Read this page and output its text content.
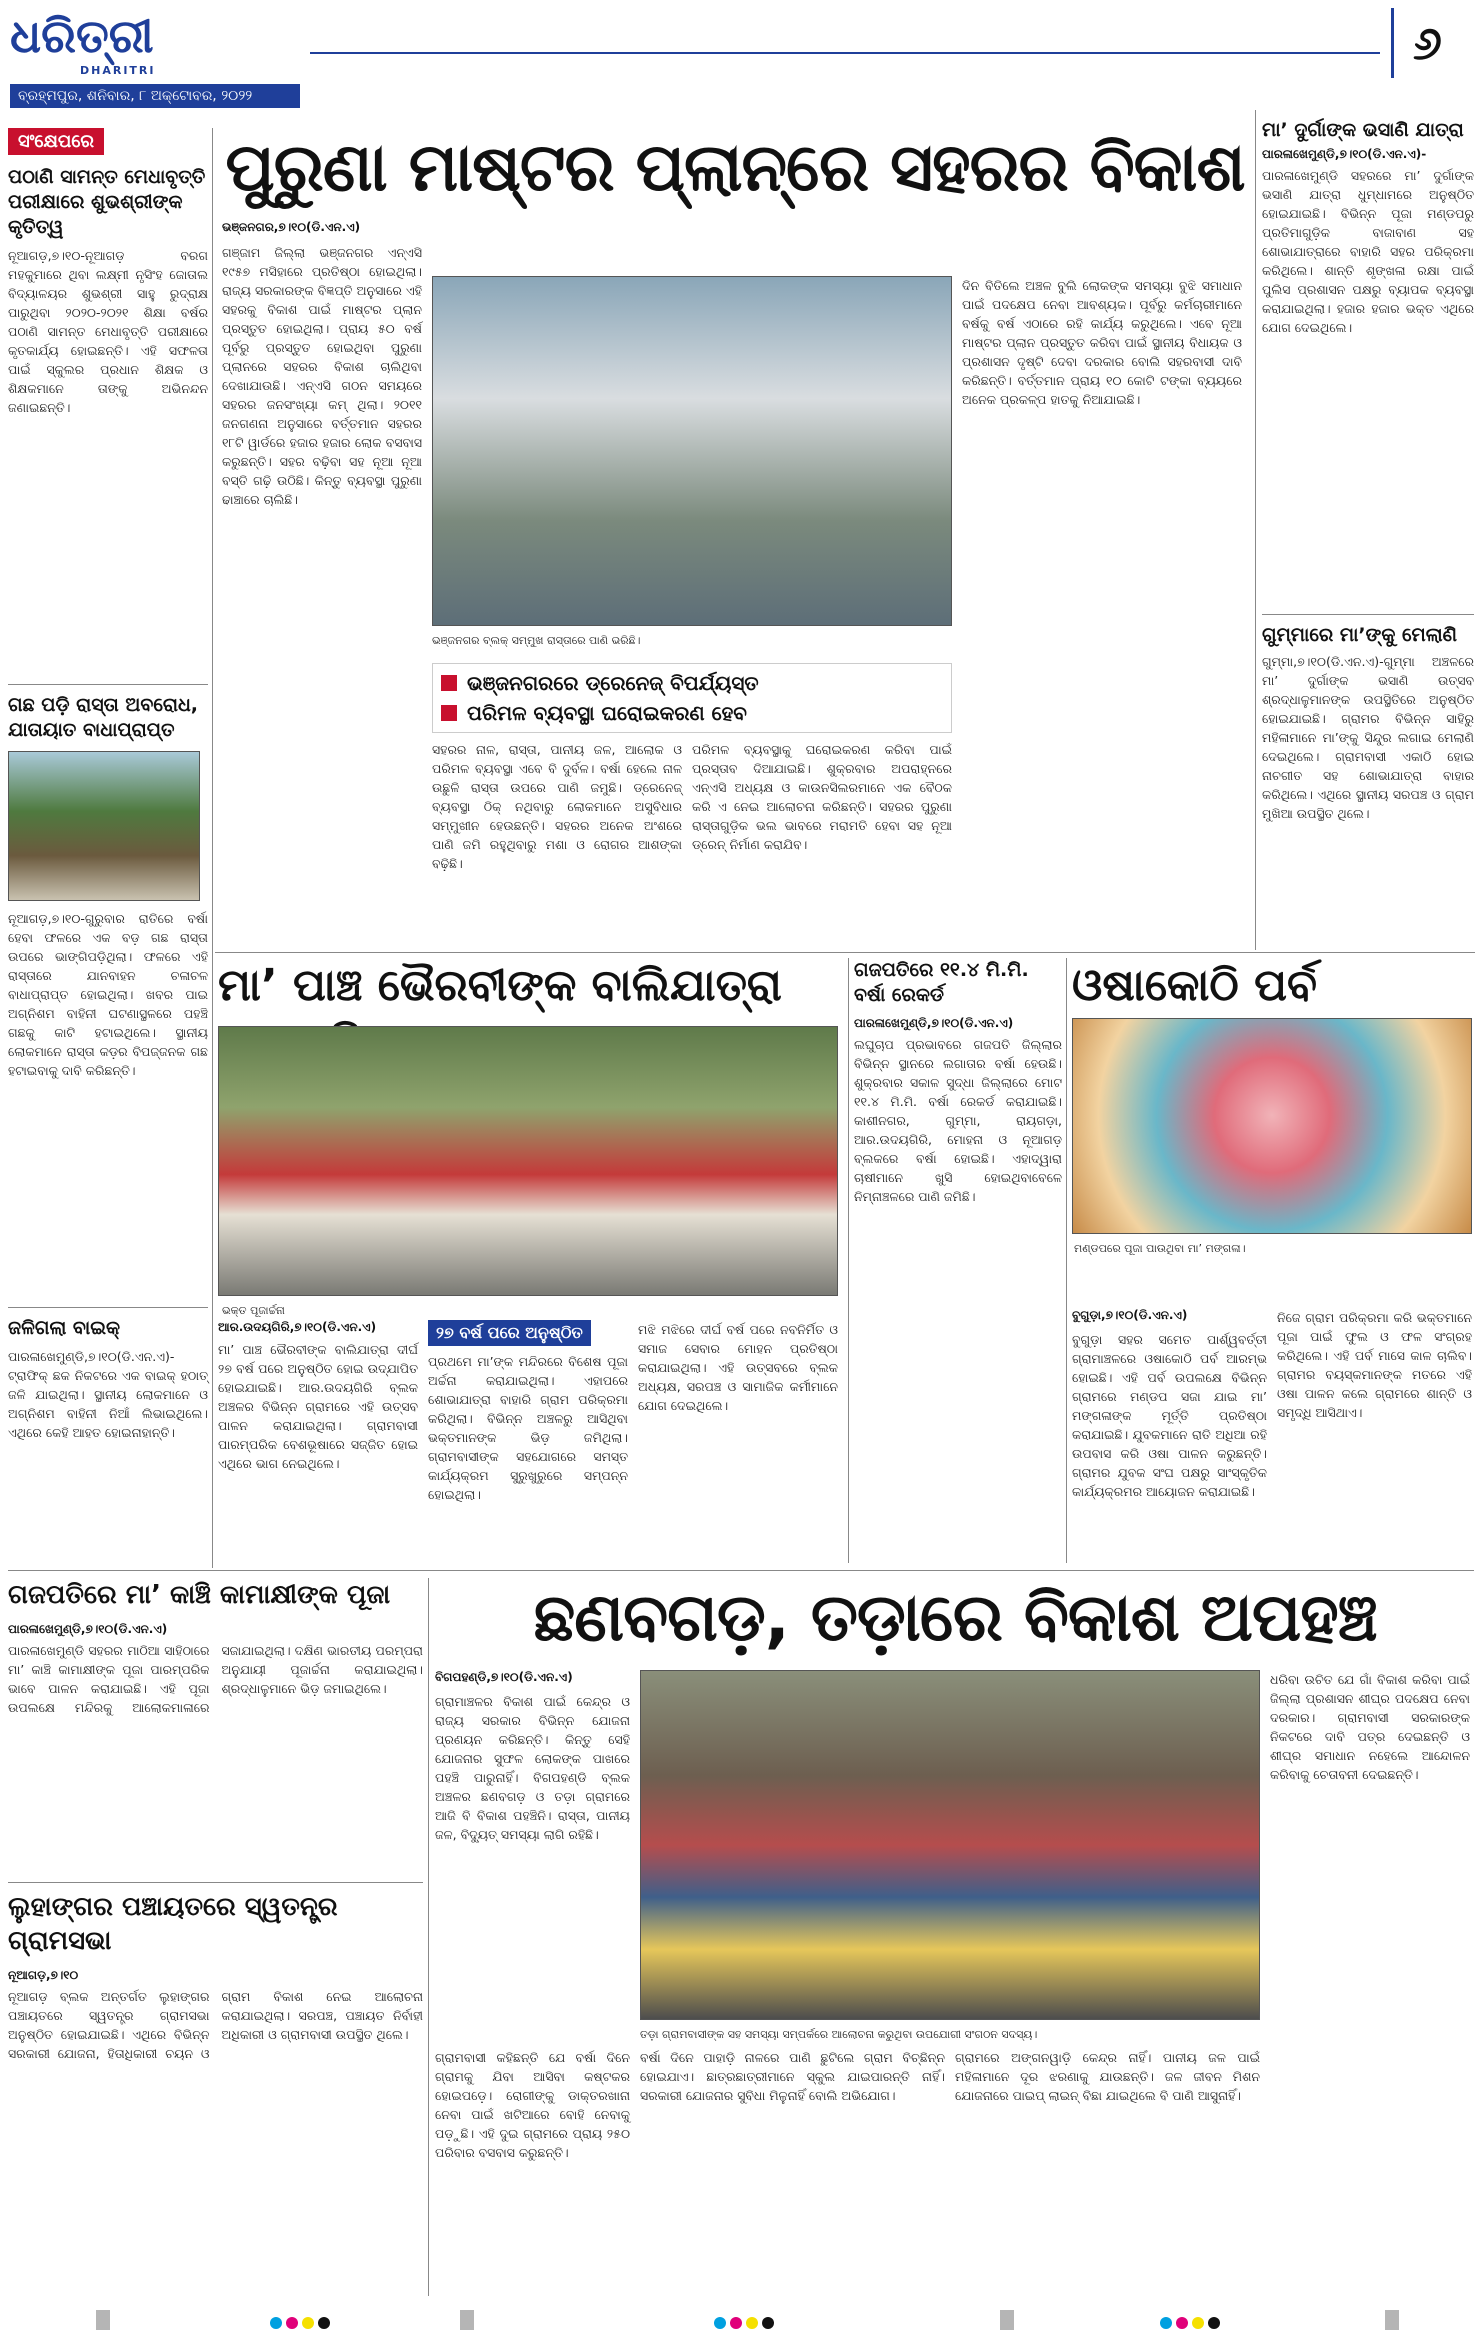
ଧରିତ୍ରୀ
DHARITRI
ବ୍ରହ୍ମପୁର, ଶନିବାର, ୮ ଅକ୍ଟୋବର, ୨୦୨୨
୬
ସଂକ୍ଷେପରେ
ପଠାଣି ସାମନ୍ତ ମେଧାବୃତ୍ତି ପରୀକ୍ଷାରେ ଶୁଭଶ୍ରୀଙ୍କ କୃତିତ୍ୱ
ନୂଆଗଡ଼,୭।୧୦-ନୂଆଗଡ଼ ବରଗ ମହକୁମାରେ ଥିବା ଲକ୍ଷ୍ମୀ ନୃସିଂହ ଜୋତାଲ ବିଦ୍ୟାଳୟର ଶୁଭଶ୍ରୀ ସାହୁ ରୁଦ୍ରାକ୍ଷ ପାରୁଥିବା ୨୦୨୦-୨୦୨୧ ଶିକ୍ଷା ବର୍ଷର ପଠାଣି ସାମନ୍ତ ମେଧାବୃତ୍ତି ପରୀକ୍ଷାରେ କୃତକାର୍ଯ୍ୟ ହୋଇଛନ୍ତି। ଏହି ସଫଳତା ପାଇଁ ସ୍କୁଲର ପ୍ରଧାନ ଶିକ୍ଷକ ଓ ଶିକ୍ଷକମାନେ ତାଙ୍କୁ ଅଭିନନ୍ଦନ ଜଣାଇଛନ୍ତି।
ଗଛ ପଡ଼ି ରାସ୍ତା ଅବରୋଧ, ଯାତାୟାତ ବାଧାପ୍ରାପ୍ତ
ନୂଆଗଡ଼,୭।୧୦-ଗୁରୁବାର ରାତିରେ ବର୍ଷା ହେବା ଫଳରେ ଏକ ବଡ଼ ଗଛ ରାସ୍ତା ଉପରେ ଭାଙ୍ଗିପଡ଼ିଥିଲା। ଫଳରେ ଏହି ରାସ୍ତାରେ ଯାନବାହନ ଚଳାଚଳ ବାଧାପ୍ରାପ୍ତ ହୋଇଥିଲା। ଖବର ପାଇ ଅଗ୍ନିଶମ ବାହିନୀ ଘଟଣାସ୍ଥଳରେ ପହଞ୍ଚି ଗଛକୁ କାଟି ହଟାଇଥିଲେ। ସ୍ଥାନୀୟ ଲୋକମାନେ ରାସ୍ତା କଡ଼ର ବିପଜ୍ଜନକ ଗଛ ହଟାଇବାକୁ ଦାବି କରିଛନ୍ତି।
ଜଳିଗଲା ବାଇକ୍
ପାରଳାଖେମୁଣ୍ଡି,୭।୧୦(ଡି.ଏନ.ଏ)-ଟ୍ରାଫିକ୍ ଛକ ନିକଟରେ ଏକ ବାଇକ୍ ହଠାତ୍ ଜଳି ଯାଇଥିଲା। ସ୍ଥାନୀୟ ଲୋକମାନେ ଓ ଅଗ୍ନିଶମ ବାହିନୀ ନିଆଁ ଲିଭାଇଥିଲେ। ଏଥିରେ କେହି ଆହତ ହୋଇନାହାନ୍ତି।
ପୁରୁଣା ମାଷ୍ଟର ପ୍ଲାନ୍‌ରେ ସହରର ବିକାଶ
ଭଞ୍ଜନଗର,୭।୧୦(ଡି.ଏନ.ଏ)
ଗଞ୍ଜାମ ଜିଲ୍ଲା ଭଞ୍ଜନଗର ଏନ୍‌ଏସି ୧୯୫୭ ମସିହାରେ ପ୍ରତିଷ୍ଠା ହୋଇଥିଲା। ରାଜ୍ୟ ସରକାରଙ୍କ ବିଜ୍ଞପ୍ତି ଅନୁସାରେ ଏହି ସହରକୁ ବିକାଶ ପାଇଁ ମାଷ୍ଟର ପ୍ଲାନ ପ୍ରସ୍ତୁତ ହୋଇଥିଲା। ପ୍ରାୟ ୫୦ ବର୍ଷ ପୂର୍ବରୁ ପ୍ରସ୍ତୁତ ହୋଇଥିବା ପୁରୁଣା ପ୍ଲାନରେ ସହରର ବିକାଶ ଚାଲିଥିବା ଦେଖାଯାଉଛି। ଏନ୍‌ଏସି ଗଠନ ସମୟରେ ସହରର ଜନସଂଖ୍ୟା କମ୍ ଥିଲା। ୨୦୧୧ ଜନଗଣନା ଅନୁସାରେ ବର୍ତ୍ତମାନ ସହରର ୧୮ଟି ୱାର୍ଡରେ ହଜାର ହଜାର ଲୋକ ବସବାସ କରୁଛନ୍ତି। ସହର ବଢ଼ିବା ସହ ନୂଆ ନୂଆ ବସ୍ତି ଗଢ଼ି ଉଠିଛି। କିନ୍ତୁ ବ୍ୟବସ୍ଥା ପୁରୁଣା ଢାଞ୍ଚାରେ ଚାଲିଛି।
ଭଞ୍ଜନଗର ବ୍ଲକ୍ ସମ୍ମୁଖ ରାସ୍ତାରେ ପାଣି ଭରିଛି।
ଭଞ୍ଜନଗରରେ ଡ୍ରେନେଜ୍ ବିପର୍ଯ୍ୟସ୍ତ
ପରିମଳ ବ୍ୟବସ୍ଥା ଘରୋଇକରଣ ହେବ
ସହରର ନାଳ, ରାସ୍ତା, ପାନୀୟ ଜଳ, ଆଲୋକ ଓ ପରିମଳ ବ୍ୟବସ୍ଥା ଏବେ ବି ଦୁର୍ବଳ। ବର୍ଷା ହେଲେ ନାଳ ଉଛୁଳି ରାସ୍ତା ଉପରେ ପାଣି ଜମୁଛି। ଡ୍ରେନେଜ୍ ବ୍ୟବସ୍ଥା ଠିକ୍ ନଥିବାରୁ ଲୋକମାନେ ଅସୁବିଧାର ସମ୍ମୁଖୀନ ହେଉଛନ୍ତି। ସହରର ଅନେକ ଅଂଶରେ ପାଣି ଜମି ରହୁଥିବାରୁ ମଶା ଓ ରୋଗର ଆଶଙ୍କା ବଢ଼ିଛି।
ପରିମଳ ବ୍ୟବସ୍ଥାକୁ ଘରୋଇକରଣ କରିବା ପାଇଁ ପ୍ରସ୍ତାବ ଦିଆଯାଇଛି। ଶୁକ୍ରବାର ଅପରାହ୍ନରେ ଏନ୍‌ଏସି ଅଧ୍ୟକ୍ଷ ଓ କାଉନସିଲରମାନେ ଏକ ବୈଠକ କରି ଏ ନେଇ ଆଲୋଚନା କରିଛନ୍ତି। ସହରର ପୁରୁଣା ରାସ୍ତାଗୁଡ଼ିକ ଭଲ ଭାବରେ ମରାମତି ହେବା ସହ ନୂଆ ଡ୍ରେନ୍ ନିର୍ମାଣ କରାଯିବ।
ଦିନ ବିତିଲେ ଅଞ୍ଚଳ ବୁଲି ଲୋକଙ୍କ ସମସ୍ୟା ବୁଝି ସମାଧାନ ପାଇଁ ପଦକ୍ଷେପ ନେବା ଆବଶ୍ୟକ। ପୂର୍ବରୁ କର୍ମଚାରୀମାନେ ବର୍ଷକୁ ବର୍ଷ ଏଠାରେ ରହି କାର୍ଯ୍ୟ କରୁଥିଲେ। ଏବେ ନୂଆ ମାଷ୍ଟର ପ୍ଲାନ ପ୍ରସ୍ତୁତ କରିବା ପାଇଁ ସ୍ଥାନୀୟ ବିଧାୟକ ଓ ପ୍ରଶାସନ ଦୃଷ୍ଟି ଦେବା ଦରକାର ବୋଲି ସହରବାସୀ ଦାବି କରିଛନ୍ତି। ବର୍ତ୍ତମାନ ପ୍ରାୟ ୧୦ କୋଟି ଟଙ୍କା ବ୍ୟୟରେ ଅନେକ ପ୍ରକଳ୍ପ ହାତକୁ ନିଆଯାଇଛି।
ମା’ ଦୁର୍ଗାଙ୍କ ଭସାଣି ଯାତ୍ରା
ପାରଳାଖେମୁଣ୍ଡି,୭।୧୦(ଡି.ଏନ.ଏ)-
ପାରଳାଖେମୁଣ୍ଡି ସହରରେ ମା’ ଦୁର୍ଗାଙ୍କ ଭସାଣି ଯାତ୍ରା ଧୁମ୍‌ଧାମରେ ଅନୁଷ୍ଠିତ ହୋଇଯାଇଛି। ବିଭିନ୍ନ ପୂଜା ମଣ୍ଡପରୁ ପ୍ରତିମାଗୁଡ଼ିକ ବାଜାବାଣ ସହ ଶୋଭାଯାତ୍ରାରେ ବାହାରି ସହର ପରିକ୍ରମା କରିଥିଲେ। ଶାନ୍ତି ଶୃଙ୍ଖଳା ରକ୍ଷା ପାଇଁ ପୁଲିସ ପ୍ରଶାସନ ପକ୍ଷରୁ ବ୍ୟାପକ ବ୍ୟବସ୍ଥା କରାଯାଇଥିଲା। ହଜାର ହଜାର ଭକ୍ତ ଏଥିରେ ଯୋଗ ଦେଇଥିଲେ।
ଗୁମ୍ମାରେ ମା’ଙ୍କୁ ମେଲାଣି
ଗୁମ୍ମା,୭।୧୦(ଡି.ଏନ.ଏ)-ଗୁମ୍ମା ଅଞ୍ଚଳରେ ମା’ ଦୁର୍ଗାଙ୍କ ଭସାଣି ଉତ୍ସବ ଶ୍ରଦ୍ଧାଳୁମାନଙ୍କ ଉପସ୍ଥିତିରେ ଅନୁଷ୍ଠିତ ହୋଇଯାଇଛି। ଗ୍ରାମର ବିଭିନ୍ନ ସାହିରୁ ମହିଳାମାନେ ମା’ଙ୍କୁ ସିନ୍ଦୁର ଲଗାଇ ମେଲାଣି ଦେଇଥିଲେ। ଗ୍ରାମବାସୀ ଏକାଠି ହୋଇ ନାଚଗୀତ ସହ ଶୋଭାଯାତ୍ରା ବାହାର କରିଥିଲେ। ଏଥିରେ ସ୍ଥାନୀୟ ସରପଞ୍ଚ ଓ ଗ୍ରାମ ମୁଖିଆ ଉପସ୍ଥିତ ଥିଲେ।
ମା’ ପାଞ୍ଚ ଭୈରବୀଙ୍କ ବାଲିଯାତ୍ରା
ଭକ୍ତ ପୂଜାର୍ଚ୍ଚନା
ଆର.ଉଦୟଗିରି,୭।୧୦(ଡି.ଏନ.ଏ)
ମା’ ପାଞ୍ଚ ଭୈରବୀଙ୍କ ବାଲିଯାତ୍ରା ଦୀର୍ଘ ୨୭ ବର୍ଷ ପରେ ଅନୁଷ୍ଠିତ ହୋଇ ଉଦ୍‌ଯାପିତ ହୋଇଯାଇଛି। ଆର.ଉଦୟଗିରି ବ୍ଲକ ଅଞ୍ଚଳର ବିଭିନ୍ନ ଗ୍ରାମରେ ଏହି ଉତ୍ସବ ପାଳନ କରାଯାଇଥିଲା। ଗ୍ରାମବାସୀ ପାରମ୍ପରିକ ବେଶଭୂଷାରେ ସଜ୍ଜିତ ହୋଇ ଏଥିରେ ଭାଗ ନେଇଥିଲେ।
୨୭ ବର୍ଷ ପରେ ଅନୁଷ୍ଠିତ
ପ୍ରଥମେ ମା’ଙ୍କ ମନ୍ଦିରରେ ବିଶେଷ ପୂଜା ଅର୍ଚ୍ଚନା କରାଯାଇଥିଲା। ଏହାପରେ ଶୋଭାଯାତ୍ରା ବାହାରି ଗ୍ରାମ ପରିକ୍ରମା କରିଥିଲା। ବିଭିନ୍ନ ଅଞ୍ଚଳରୁ ଆସିଥିବା ଭକ୍ତମାନଙ୍କ ଭିଡ଼ ଜମିଥିଲା। ଗ୍ରାମବାସୀଙ୍କ ସହଯୋଗରେ ସମସ୍ତ କାର୍ଯ୍ୟକ୍ରମ ସୁରୁଖୁରୁରେ ସମ୍ପନ୍ନ ହୋଇଥିଲା।
ମଝି ମଝିରେ ଦୀର୍ଘ ବର୍ଷ ପରେ ନବନିର୍ମିତ ଓ ସମାଜ ସେବାର ମୋହନ ପ୍ରତିଷ୍ଠା କରାଯାଇଥିଲା। ଏହି ଉତ୍ସବରେ ବ୍ଲକ ଅଧ୍ୟକ୍ଷ, ସରପଞ୍ଚ ଓ ସାମାଜିକ କର୍ମୀମାନେ ଯୋଗ ଦେଇଥିଲେ।
ଗଜପତିରେ ୧୧.୪ ମି.ମି. ବର୍ଷା ରେକର୍ଡ
ପାରଳାଖେମୁଣ୍ଡି,୭।୧୦(ଡି.ଏନ.ଏ)
ଲଘୁଚାପ ପ୍ରଭାବରେ ଗଜପତି ଜିଲ୍ଲାର ବିଭିନ୍ନ ସ୍ଥାନରେ ଲଗାତାର ବର୍ଷା ହେଉଛି। ଶୁକ୍ରବାର ସକାଳ ସୁଦ୍ଧା ଜିଲ୍ଲାରେ ମୋଟ ୧୧.୪ ମି.ମି. ବର୍ଷା ରେକର୍ଡ କରାଯାଇଛି। କାଶୀନଗର, ଗୁମ୍ମା, ରାୟଗଡ଼ା, ଆର.ଉଦୟଗିରି, ମୋହନା ଓ ନୂଆଗଡ଼ ବ୍ଲକରେ ବର୍ଷା ହୋଇଛି। ଏହାଦ୍ୱାରା ଚାଷୀମାନେ ଖୁସି ହୋଇଥିବାବେଳେ ନିମ୍ନାଞ୍ଚଳରେ ପାଣି ଜମିଛି।
ଓଷାକୋଠି ପର୍ବ
ମଣ୍ଡପରେ ପୂଜା ପାଉଥିବା ମା’ ମଙ୍ଗଳା।
ବୁଗୁଡ଼ା,୭।୧୦(ଡି.ଏନ.ଏ)
ବୁଗୁଡ଼ା ସହର ସମେତ ପାର୍ଶ୍ୱବର୍ତ୍ତୀ ଗ୍ରାମାଞ୍ଚଳରେ ଓଷାକୋଠି ପର୍ବ ଆରମ୍ଭ ହୋଇଛି। ଏହି ପର୍ବ ଉପଲକ୍ଷେ ବିଭିନ୍ନ ଗ୍ରାମରେ ମଣ୍ଡପ ସଜା ଯାଇ ମା’ ମଙ୍ଗଳାଙ୍କ ମୂର୍ତ୍ତି ପ୍ରତିଷ୍ଠା କରାଯାଇଛି। ଯୁବକମାନେ ରାତି ଅଧିଆ ରହି ଉପବାସ କରି ଓଷା ପାଳନ କରୁଛନ୍ତି। ଗ୍ରାମର ଯୁବକ ସଂଘ ପକ୍ଷରୁ ସାଂସ୍କୃତିକ କାର୍ଯ୍ୟକ୍ରମର ଆୟୋଜନ କରାଯାଇଛି।
ନିଜେ ଗ୍ରାମ ପରିକ୍ରମା କରି ଭକ୍ତମାନେ ପୂଜା ପାଇଁ ଫୁଲ ଓ ଫଳ ସଂଗ୍ରହ କରିଥିଲେ। ଏହି ପର୍ବ ମାସେ କାଳ ଚାଲିବ। ଗ୍ରାମର ବୟସ୍କମାନଙ୍କ ମତରେ ଏହି ଓଷା ପାଳନ କଲେ ଗ୍ରାମରେ ଶାନ୍ତି ଓ ସମୃଦ୍ଧି ଆସିଥାଏ।
ଗଜପତିରେ ମା’ କାଞ୍ଚି କାମାକ୍ଷୀଙ୍କ ପୂଜା
ପାରଳାଖେମୁଣ୍ଡି,୭।୧୦(ଡି.ଏନ.ଏ)
ପାରଳାଖେମୁଣ୍ଡି ସହରର ମାଠିଆ ସାହିଠାରେ ମା’ କାଞ୍ଚି କାମାକ୍ଷୀଙ୍କ ପୂଜା ପାରମ୍ପରିକ ଭାବେ ପାଳନ କରାଯାଇଛି। ଏହି ପୂଜା ଉପଲକ୍ଷେ ମନ୍ଦିରକୁ ଆଲୋକମାଳାରେ ସଜାଯାଇଥିଲା। ଦକ୍ଷିଣ ଭାରତୀୟ ପରମ୍ପରା ଅନୁଯାୟୀ ପୂଜାର୍ଚ୍ଚନା କରାଯାଇଥିଲା। ଶ୍ରଦ୍ଧାଳୁମାନେ ଭିଡ଼ ଜମାଇଥିଲେ।
ଲୁହାଙ୍ଗର ପଞ୍ଚାୟତରେ ସ୍ୱତନ୍ତ୍ର ଗ୍ରାମସଭା
ନୂଆଗଡ଼,୭।୧୦
ନୂଆଗଡ଼ ବ୍ଲକ ଅନ୍ତର୍ଗତ ଲୁହାଙ୍ଗର ପଞ୍ଚାୟତରେ ସ୍ୱତନ୍ତ୍ର ଗ୍ରାମସଭା ଅନୁଷ୍ଠିତ ହୋଇଯାଇଛି। ଏଥିରେ ବିଭିନ୍ନ ସରକାରୀ ଯୋଜନା, ହିତାଧିକାରୀ ଚୟନ ଓ ଗ୍ରାମ ବିକାଶ ନେଇ ଆଲୋଚନା କରାଯାଇଥିଲା। ସରପଞ୍ଚ, ପଞ୍ଚାୟତ ନିର୍ବାହୀ ଅଧିକାରୀ ଓ ଗ୍ରାମବାସୀ ଉପସ୍ଥିତ ଥିଲେ।
ଛଣବଗଡ଼, ତଡ଼ାରେ ବିକାଶ ଅପହଞ୍ଚ
ବିଗପହଣ୍ଡି,୭।୧୦(ଡି.ଏନ.ଏ)
ଗ୍ରାମାଞ୍ଚଳର ବିକାଶ ପାଇଁ କେନ୍ଦ୍ର ଓ ରାଜ୍ୟ ସରକାର ବିଭିନ୍ନ ଯୋଜନା ପ୍ରଣୟନ କରିଛନ୍ତି। କିନ୍ତୁ ସେହି ଯୋଜନାର ସୁଫଳ ଲୋକଙ୍କ ପାଖରେ ପହଞ୍ଚି ପାରୁନାହିଁ। ବିଗପହଣ୍ଡି ବ୍ଲକ ଅଞ୍ଚଳର ଛଣବଗଡ଼ ଓ ତଡ଼ା ଗ୍ରାମରେ ଆଜି ବି ବିକାଶ ପହଞ୍ଚିନି। ରାସ୍ତା, ପାନୀୟ ଜଳ, ବିଦ୍ୟୁତ୍ ସମସ୍ୟା ଲାଗି ରହିଛି।
ତଡ଼ା ଗ୍ରାମବାସୀଙ୍କ ସହ ସମସ୍ୟା ସମ୍ପର୍କରେ ଆଲୋଚନା କରୁଥିବା ଉପଯୋଗୀ ସଂଗଠନ ସଦସ୍ୟ।
ଧରିବା ଉଚିତ ଯେ ଗାଁ ବିକାଶ କରିବା ପାଇଁ ଜିଲ୍ଲା ପ୍ରଶାସନ ଶୀଘ୍ର ପଦକ୍ଷେପ ନେବା ଦରକାର। ଗ୍ରାମବାସୀ ସରକାରଙ୍କ ନିକଟରେ ଦାବି ପତ୍ର ଦେଇଛନ୍ତି ଓ ଶୀଘ୍ର ସମାଧାନ ନହେଲେ ଆନ୍ଦୋଳନ କରିବାକୁ ଚେତାବନୀ ଦେଇଛନ୍ତି।
ଗ୍ରାମବାସୀ କହିଛନ୍ତି ଯେ ବର୍ଷା ଦିନେ ଗ୍ରାମକୁ ଯିବା ଆସିବା କଷ୍ଟକର ହୋଇପଡ଼େ। ରୋଗୀଙ୍କୁ ଡାକ୍ତରଖାନା ନେବା ପାଇଁ ଖଟିଆରେ ବୋହି ନେବାକୁ ପଡ଼ୁଛି। ଏହି ଦୁଇ ଗ୍ରାମରେ ପ୍ରାୟ ୨୫୦ ପରିବାର ବସବାସ କରୁଛନ୍ତି।
ବର୍ଷା ଦିନେ ପାହାଡ଼ି ନାଳରେ ପାଣି ଛୁଟିଲେ ଗ୍ରାମ ବିଚ୍ଛିନ୍ନ ହୋଇଯାଏ। ଛାତ୍ରଛାତ୍ରୀମାନେ ସ୍କୁଲ ଯାଇପାରନ୍ତି ନାହିଁ। ସରକାରୀ ଯୋଜନାର ସୁବିଧା ମିଳୁନାହିଁ ବୋଲି ଅଭିଯୋଗ।
ଗ୍ରାମରେ ଅଙ୍ଗନୱାଡ଼ି କେନ୍ଦ୍ର ନାହିଁ। ପାନୀୟ ଜଳ ପାଇଁ ମହିଳାମାନେ ଦୂର ଝରଣାକୁ ଯାଉଛନ୍ତି। ଜଳ ଜୀବନ ମିଶନ ଯୋଜନାରେ ପାଇପ୍ ଲାଇନ୍ ବିଛା ଯାଇଥିଲେ ବି ପାଣି ଆସୁନାହିଁ।
